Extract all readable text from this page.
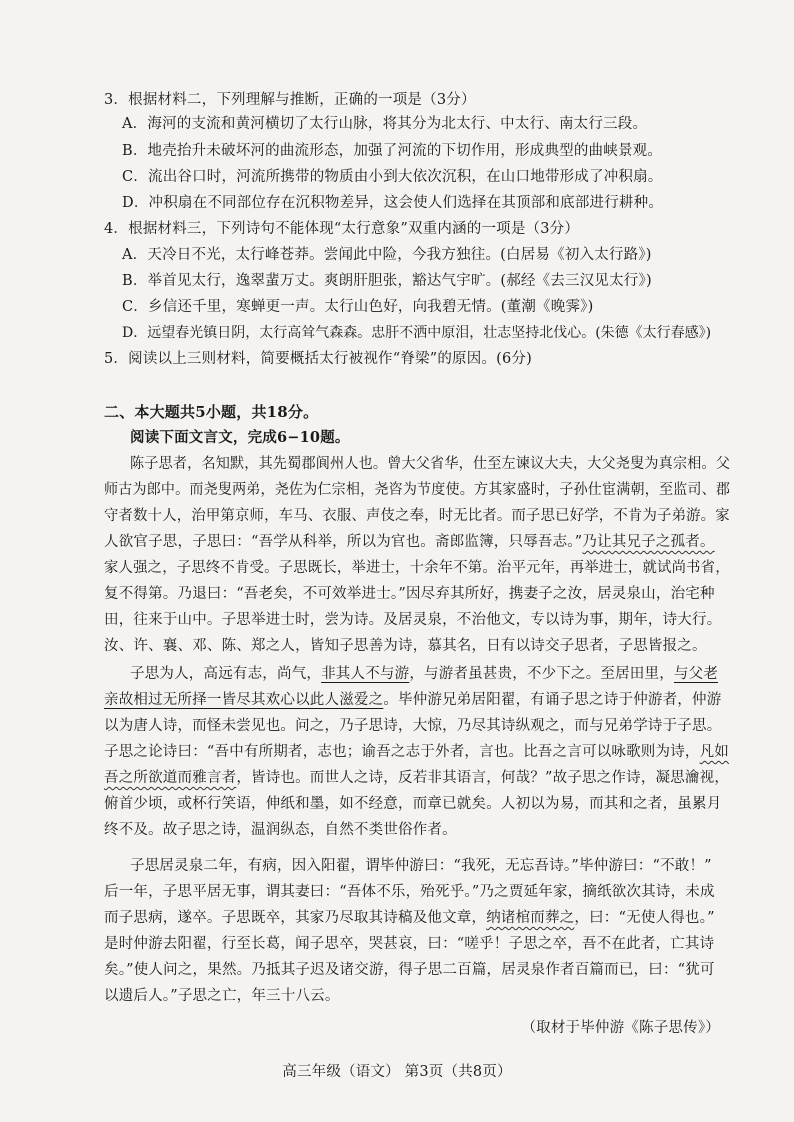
3．根据材料二，下列理解与推断，正确的一项是（3分）
A．海河的支流和黄河横切了太行山脉，将其分为北太行、中太行、南太行三段。
B．地壳抬升未破坏河的曲流形态，加强了河流的下切作用，形成典型的曲峡景观。
C．流出谷口时，河流所携带的物质由小到大依次沉积，在山口地带形成了冲积扇。
D．冲积扇在不同部位存在沉积物差异，这会使人们选择在其顶部和底部进行耕种。
4．根据材料三，下列诗句不能体现“太行意象”双重内涵的一项是（3分）
A．天冷日不光，太行峰苍莽。尝闻此中险，今我方独往。(白居易《初入太行路》)
B．举首见太行，逸翠蜚万丈。爽朗肝胆张，豁达气宇旷。(郝经《去三汉见太行》)
C．乡信还千里，寒蝉更一声。太行山色好，向我碧无情。(董潮《晚霁》)
D．远望春光镇日阴，太行高耸气森森。忠肝不洒中原泪，壮志坚持北伐心。(朱德《太行春感》)
5．阅读以上三则材料，简要概括太行被视作“脊梁”的原因。(6分)
二、本大题共5小题，共18分。
阅读下面文言文，完成6−10题。
陈子思者，名知默，其先蜀郡阆州人也。曾大父省华，仕至左谏议大夫，大父尧叟为真宗相。父
师古为郎中。而尧叟两弟，尧佐为仁宗相，尧咨为节度使。方其家盛时，子孙仕宦满朝，至监司、郡
守者数十人，治甲第京师，车马、衣服、声伎之奉，时无比者。而子思已好学，不肯为子弟游。家
人欲官子思，子思曰：“吾学从科举，所以为官也。斋郎监簿，只辱吾志。”乃让其兄子之孤者。
家人强之，子思终不肯受。子思既长，举进士，十余年不第。治平元年，再举进士，就试尚书省，
复不得第。乃退曰：“吾老矣，不可效举进士。”因尽弃其所好，携妻子之汝，居灵泉山，治宅种
田，往来于山中。子思举进士时，尝为诗。及居灵泉，不治他文，专以诗为事，期年，诗大行。
汝、许、襄、邓、陈、郑之人，皆知子思善为诗，慕其名，日有以诗交子思者，子思皆报之。
子思为人，高远有志，尚气，非其人不与游，与游者虽甚贵，不少下之。至居田里，与父老
亲故相过无所择一皆尽其欢心以此人滋爱之。毕仲游兄弟居阳翟，有诵子思之诗于仲游者，仲游
以为唐人诗，而怪未尝见也。问之，乃子思诗，大惊，乃尽其诗纵观之，而与兄弟学诗于子思。
子思之论诗曰：“吾中有所期者，志也；谕吾之志于外者，言也。比吾之言可以咏歌则为诗，凡如
吾之所欲道而雅言者，皆诗也。而世人之诗，反若非其语言，何哉？”故子思之作诗，凝思瀹视，
俯首少顷，或杯行笑语，伸纸和墨，如不经意，而章已就矣。人初以为易，而其和之者，虽累月
终不及。故子思之诗，温润纵态，自然不类世俗作者。
子思居灵泉二年，有病，因入阳翟，谓毕仲游曰：“我死，无忘吾诗。”毕仲游曰：“不敢！”
后一年，子思平居无事，谓其妻曰：“吾体不乐，殆死乎。”乃之贾延年家，摘纸欲次其诗，未成
而子思病，遂卒。子思既卒，其家乃尽取其诗稿及他文章，纳诸棺而葬之，曰：“无使人得也。”
是时仲游去阳翟，行至长葛，闻子思卒，哭甚哀，曰：“嗟乎！子思之卒，吾不在此者，亡其诗
矣。”使人问之，果然。乃抵其子迟及诸交游，得子思二百篇，居灵泉作者百篇而已，曰：“犹可
以遗后人。”子思之亡，年三十八云。
（取材于毕仲游《陈子思传》）
高三年级（语文） 第3页（共8页）
